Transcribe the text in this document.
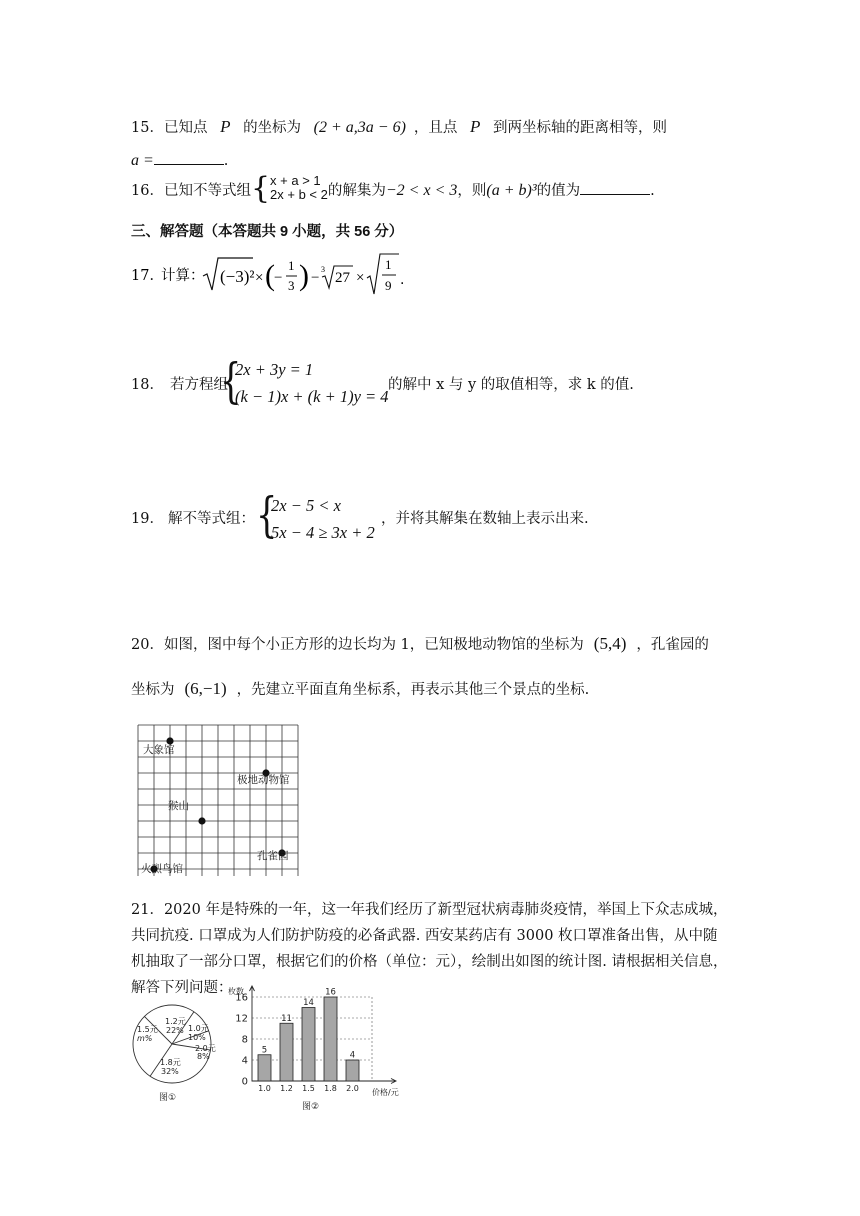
15．已知点 P 的坐标为 (2 + a,3a − 6) ，且点 P 到两坐标轴的距离相等，则
a =	.
16．已知不等式组{x + a > 1
2x + b < 2的解集为−2 < x < 3，则(a + b)³的值为	.
三、解答题（本答题共 9 小题，共 56 分）
17．
计算： (−3)² × ( −
1
3 ) −
3
27 ×
1
9 .
18． 若方程组
{
2x + 3y = 1
(k − 1)x + (k + 1)y = 4
的解中 x 与 y 的取值相等，求 k 的值.
19． 解不等式组： {
2x − 5 < x
5x − 4 ≥ 3x + 2
，并将其解集在数轴上表示出来.
20．如图，图中每个小正方形的边长均为 1，已知极地动物馆的坐标为 (5,4) ，孔雀园的
坐标为 (6,−1) ，先建立平面直角坐标系，再表示其他三个景点的坐标.
大象馆
极地动物馆
猴山
孔雀园
火烈鸟馆
21．2020 年是特殊的一年，这一年我们经历了新型冠状病毒肺炎疫情，举国上下众志成城，
共同抗疫. 口罩成为人们防护防疫的必备武器. 西安某药店有 3000 枚口罩准备出售，从中随
机抽取了一部分口罩，根据它们的价格（单位：元），绘制出如图的统计图. 请根据相关信息，
解答下列问题：
1.2元
22% 1.0元
10%
2.0元
8%
1.8元
32%
1.5元
m%
图①
0
4
8
12
16
1.0 1.2 1.5 1.8 2.0
5
11
14
16
4
枚数
价格/元
图②
